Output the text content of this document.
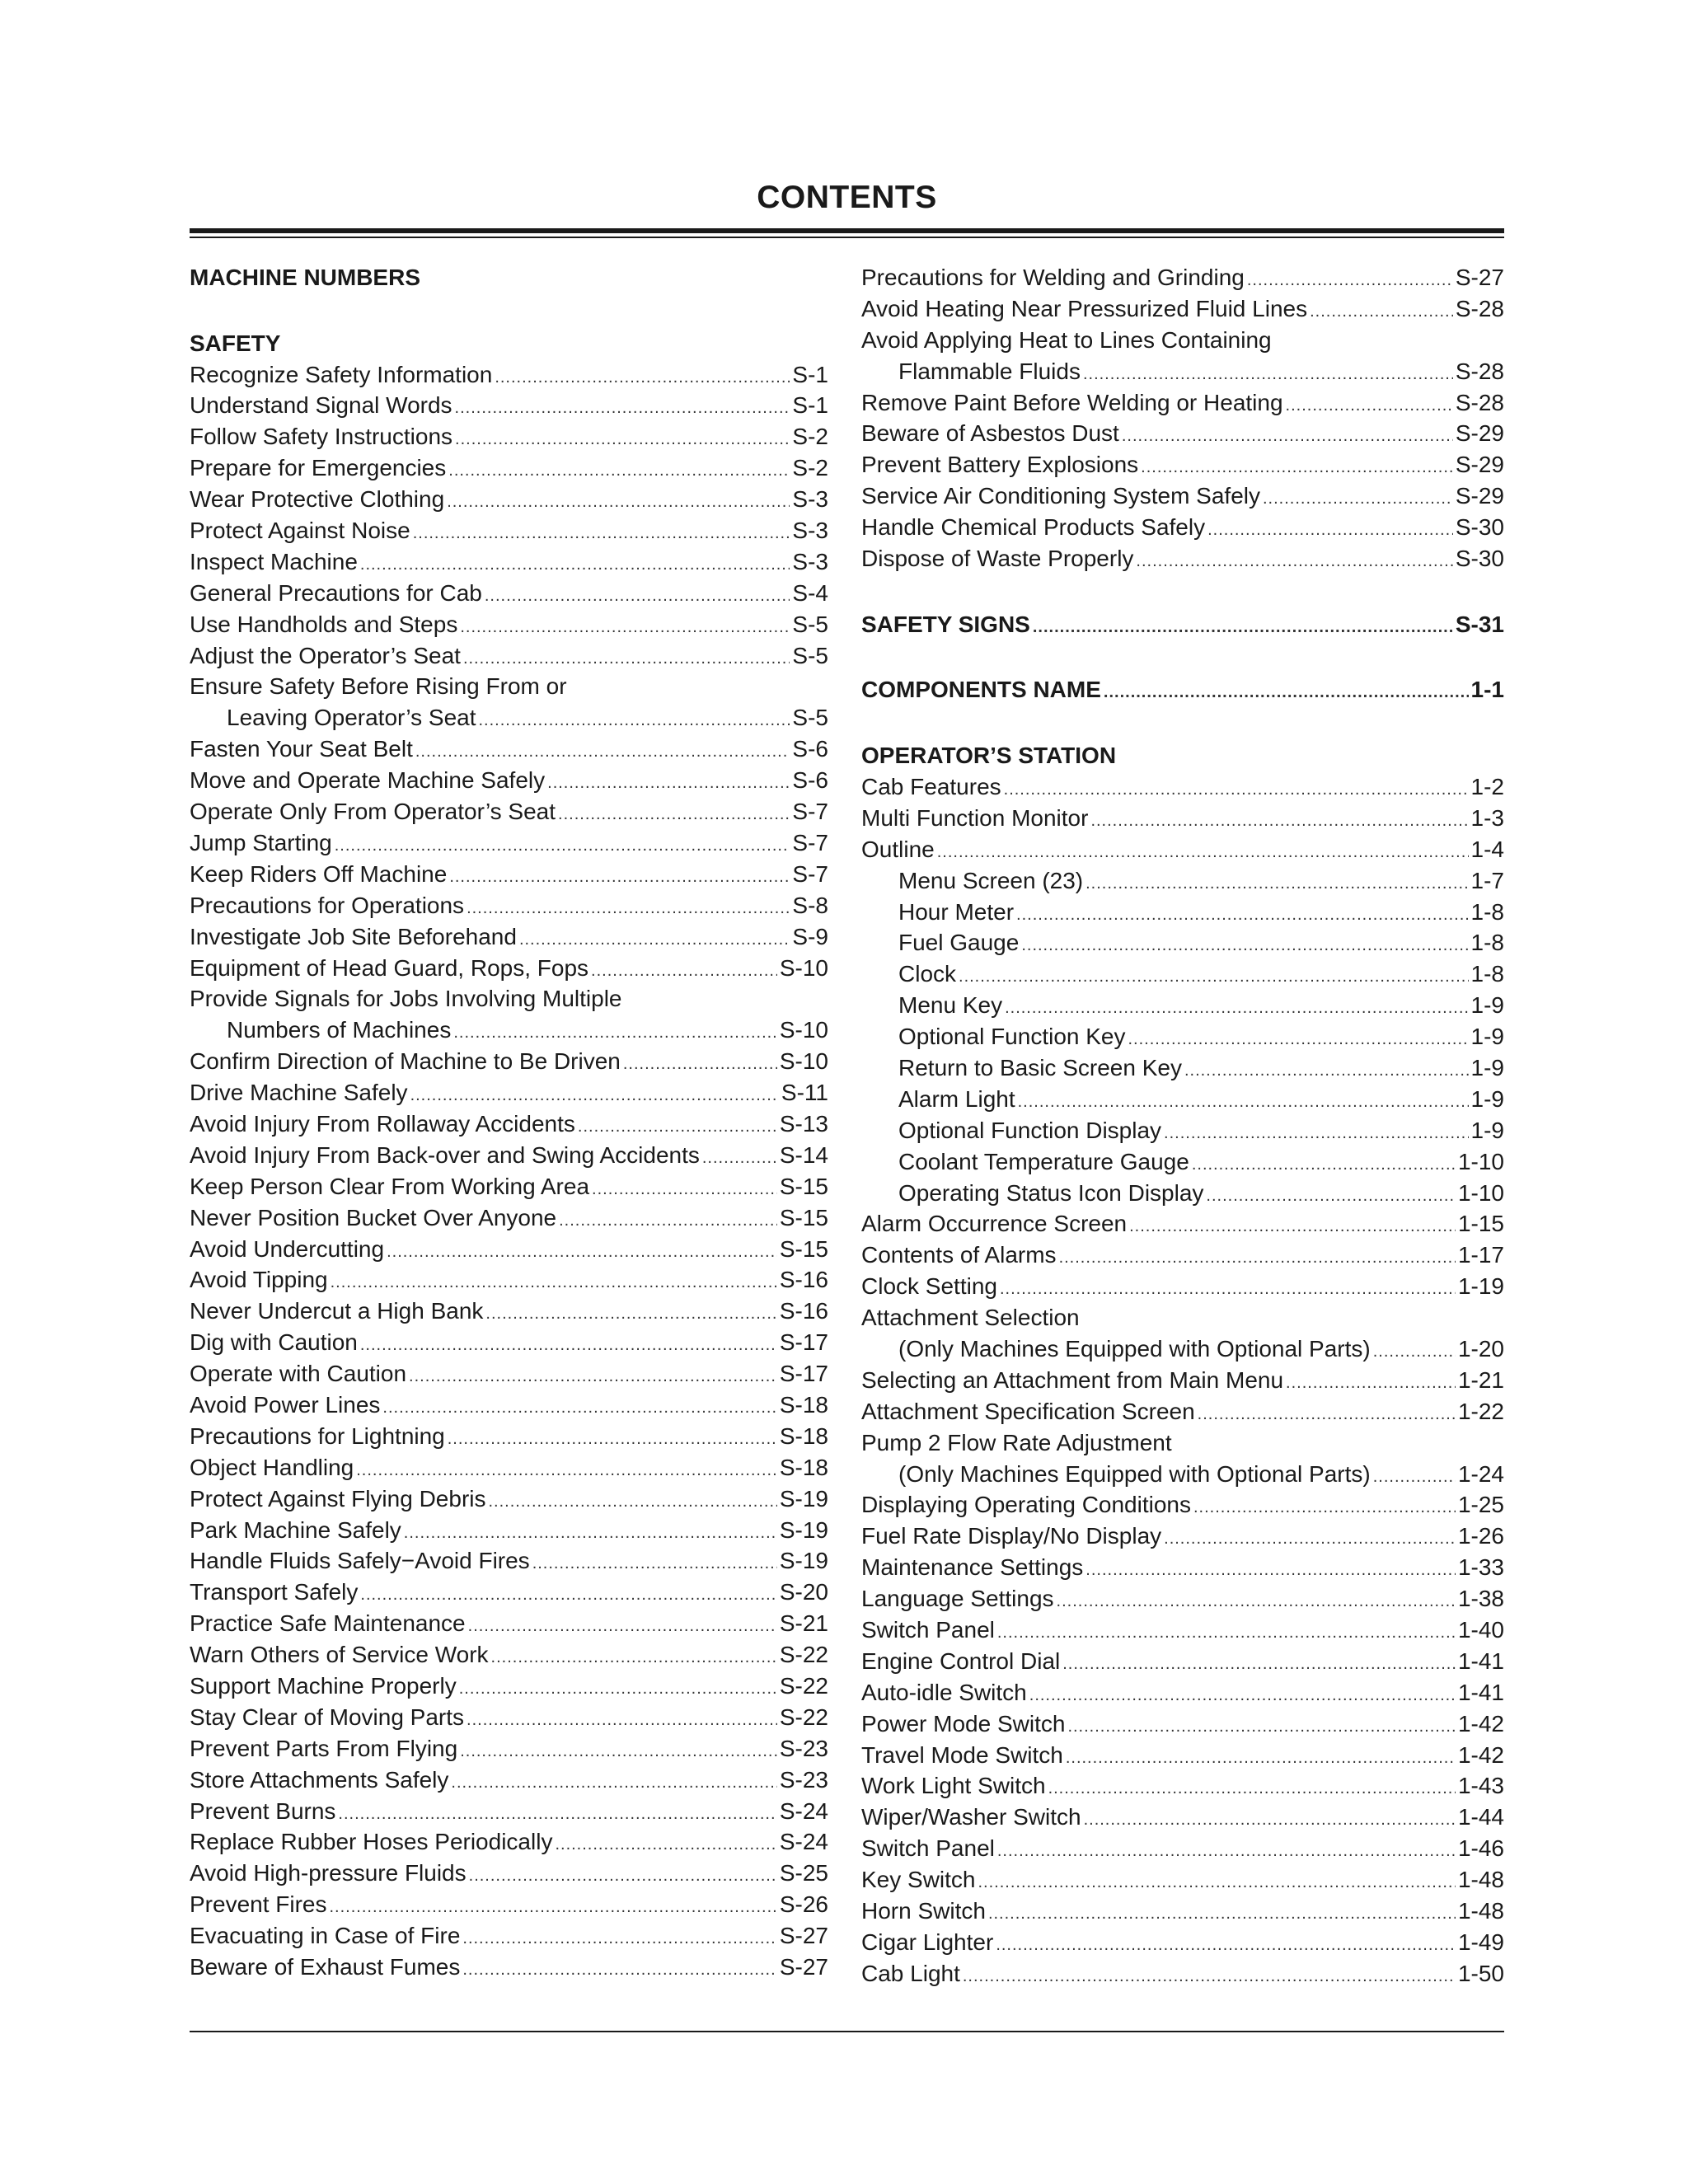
CONTENTS
MACHINE NUMBERS
SAFETY
Recognize Safety Information .....	S-1
Understand Signal Words .....	S-1
Follow Safety Instructions .....	S-2
Prepare for Emergencies .....	S-2
Wear Protective Clothing .....	S-3
Protect Against Noise .....	S-3
Inspect Machine .....	S-3
General Precautions for Cab .....	S-4
Use Handholds and Steps .....	S-5
Adjust the Operator’s Seat .....	S-5
Ensure Safety Before Rising From or
Leaving Operator’s Seat .....	S-5
Fasten Your Seat Belt .....	S-6
Move and Operate Machine Safely .....	S-6
Operate Only From Operator’s Seat .....	S-7
Jump Starting .....	S-7
Keep Riders Off Machine .....	S-7
Precautions for Operations .....	S-8
Investigate Job Site Beforehand .....	S-9
Equipment of Head Guard, Rops, Fops .....	S-10
Provide Signals for Jobs Involving Multiple
Numbers of Machines .....	S-10
Confirm Direction of Machine to Be Driven .....	S-10
Drive Machine Safely .....	S-11
Avoid Injury From Rollaway Accidents .....	S-13
Avoid Injury From Back-over and Swing Accidents .....	S-14
Keep Person Clear From Working Area .....	S-15
Never Position Bucket Over Anyone .....	S-15
Avoid Undercutting .....	S-15
Avoid Tipping .....	S-16
Never Undercut a High Bank .....	S-16
Dig with Caution .....	S-17
Operate with Caution .....	S-17
Avoid Power Lines .....	S-18
Precautions for Lightning .....	S-18
Object Handling .....	S-18
Protect Against Flying Debris .....	S-19
Park Machine Safely .....	S-19
Handle Fluids Safely−Avoid Fires .....	S-19
Transport Safely .....	S-20
Practice Safe Maintenance .....	S-21
Warn Others of Service Work .....	S-22
Support Machine Properly .....	S-22
Stay Clear of Moving Parts .....	S-22
Prevent Parts From Flying .....	S-23
Store Attachments Safely .....	S-23
Prevent Burns .....	S-24
Replace Rubber Hoses Periodically .....	S-24
Avoid High-pressure Fluids .....	S-25
Prevent Fires .....	S-26
Evacuating in Case of Fire .....	S-27
Beware of Exhaust Fumes .....	S-27
Precautions for Welding and Grinding .....	S-27
Avoid Heating Near Pressurized Fluid Lines .....	S-28
Avoid Applying Heat to Lines Containing
Flammable Fluids .....	S-28
Remove Paint Before Welding or Heating .....	S-28
Beware of Asbestos Dust .....	S-29
Prevent Battery Explosions .....	S-29
Service Air Conditioning System Safely .....	S-29
Handle Chemical Products Safely .....	S-30
Dispose of Waste Properly .....	S-30
SAFETY SIGNS .....	S-31
COMPONENTS NAME .....	1-1
OPERATOR’S STATION
Cab Features .....	1-2
Multi Function Monitor .....	1-3
Outline .....	1-4
Menu Screen (23) .....	1-7
Hour Meter .....	1-8
Fuel Gauge .....	1-8
Clock .....	1-8
Menu Key .....	1-9
Optional Function Key .....	1-9
Return to Basic Screen Key .....	1-9
Alarm Light .....	1-9
Optional Function Display .....	1-9
Coolant Temperature Gauge .....	1-10
Operating Status Icon Display .....	1-10
Alarm Occurrence Screen .....	1-15
Contents of Alarms .....	1-17
Clock Setting .....	1-19
Attachment Selection
(Only Machines Equipped with Optional Parts) .....	1-20
Selecting an Attachment from Main Menu .....	1-21
Attachment Specification Screen .....	1-22
Pump 2 Flow Rate Adjustment
(Only Machines Equipped with Optional Parts) .....	1-24
Displaying Operating Conditions .....	1-25
Fuel Rate Display/No Display .....	1-26
Maintenance Settings .....	1-33
Language Settings .....	1-38
Switch Panel .....	1-40
Engine Control Dial .....	1-41
Auto-idle Switch .....	1-41
Power Mode Switch .....	1-42
Travel Mode Switch .....	1-42
Work Light Switch .....	1-43
Wiper/Washer Switch .....	1-44
Switch Panel .....	1-46
Key Switch .....	1-48
Horn Switch .....	1-48
Cigar Lighter .....	1-49
Cab Light .....	1-50
